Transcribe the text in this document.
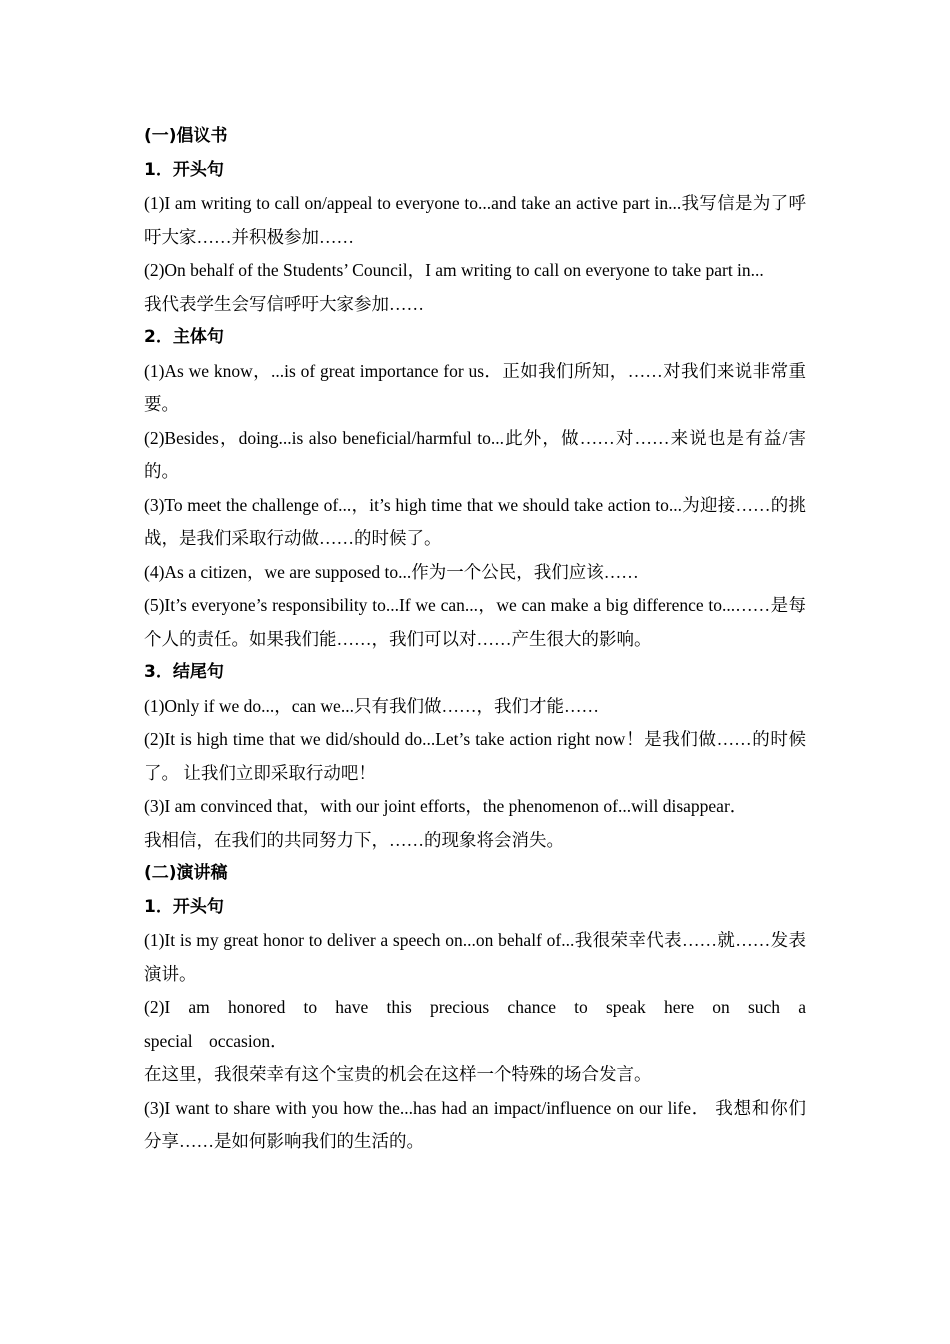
(一)倡议书

1．开头句

(1)I am writing to call on/appeal to everyone to...and take an active part in...我写信是为了呼吁大家……并积极参加……

(2)On behalf of the Students’ Council，I am writing to call on everyone to take part in...

我代表学生会写信呼吁大家参加……

2．主体句

(1)As we know，...is of great importance for us．正如我们所知，……对我们来说非常重要。

(2)Besides，doing...is also beneficial/harmful to...此外，做……对……来说也是有益/害的。

(3)To meet the challenge of...，it’s high time that we should take action to...为迎接……的挑战，是我们采取行动做……的时候了。

(4)As a citizen，we are supposed to...作为一个公民，我们应该……

(5)It’s everyone’s responsibility to...If we can...，we can make a big difference to...……是每个人的责任。如果我们能……，我们可以对……产生很大的影响。

3．结尾句

(1)Only if we do...，can we...只有我们做……，我们才能……

(2)It is high time that we did/should do...Let’s take action right now！是我们做……的时候了。 让我们立即采取行动吧！

(3)I am convinced that，with our joint efforts，the phenomenon of...will disappear．

我相信，在我们的共同努力下，……的现象将会消失。

(二)演讲稿

1．开头句

(1)It is my great honor to deliver a speech on...on behalf of...我很荣幸代表……就……发表演讲。

(2)I am honored to have this precious chance to speak here on such a special occasion．

在这里，我很荣幸有这个宝贵的机会在这样一个特殊的场合发言。

(3)I want to share with you how the...has had an impact/influence on our life． 我想和你们分享……是如何影响我们的生活的。
